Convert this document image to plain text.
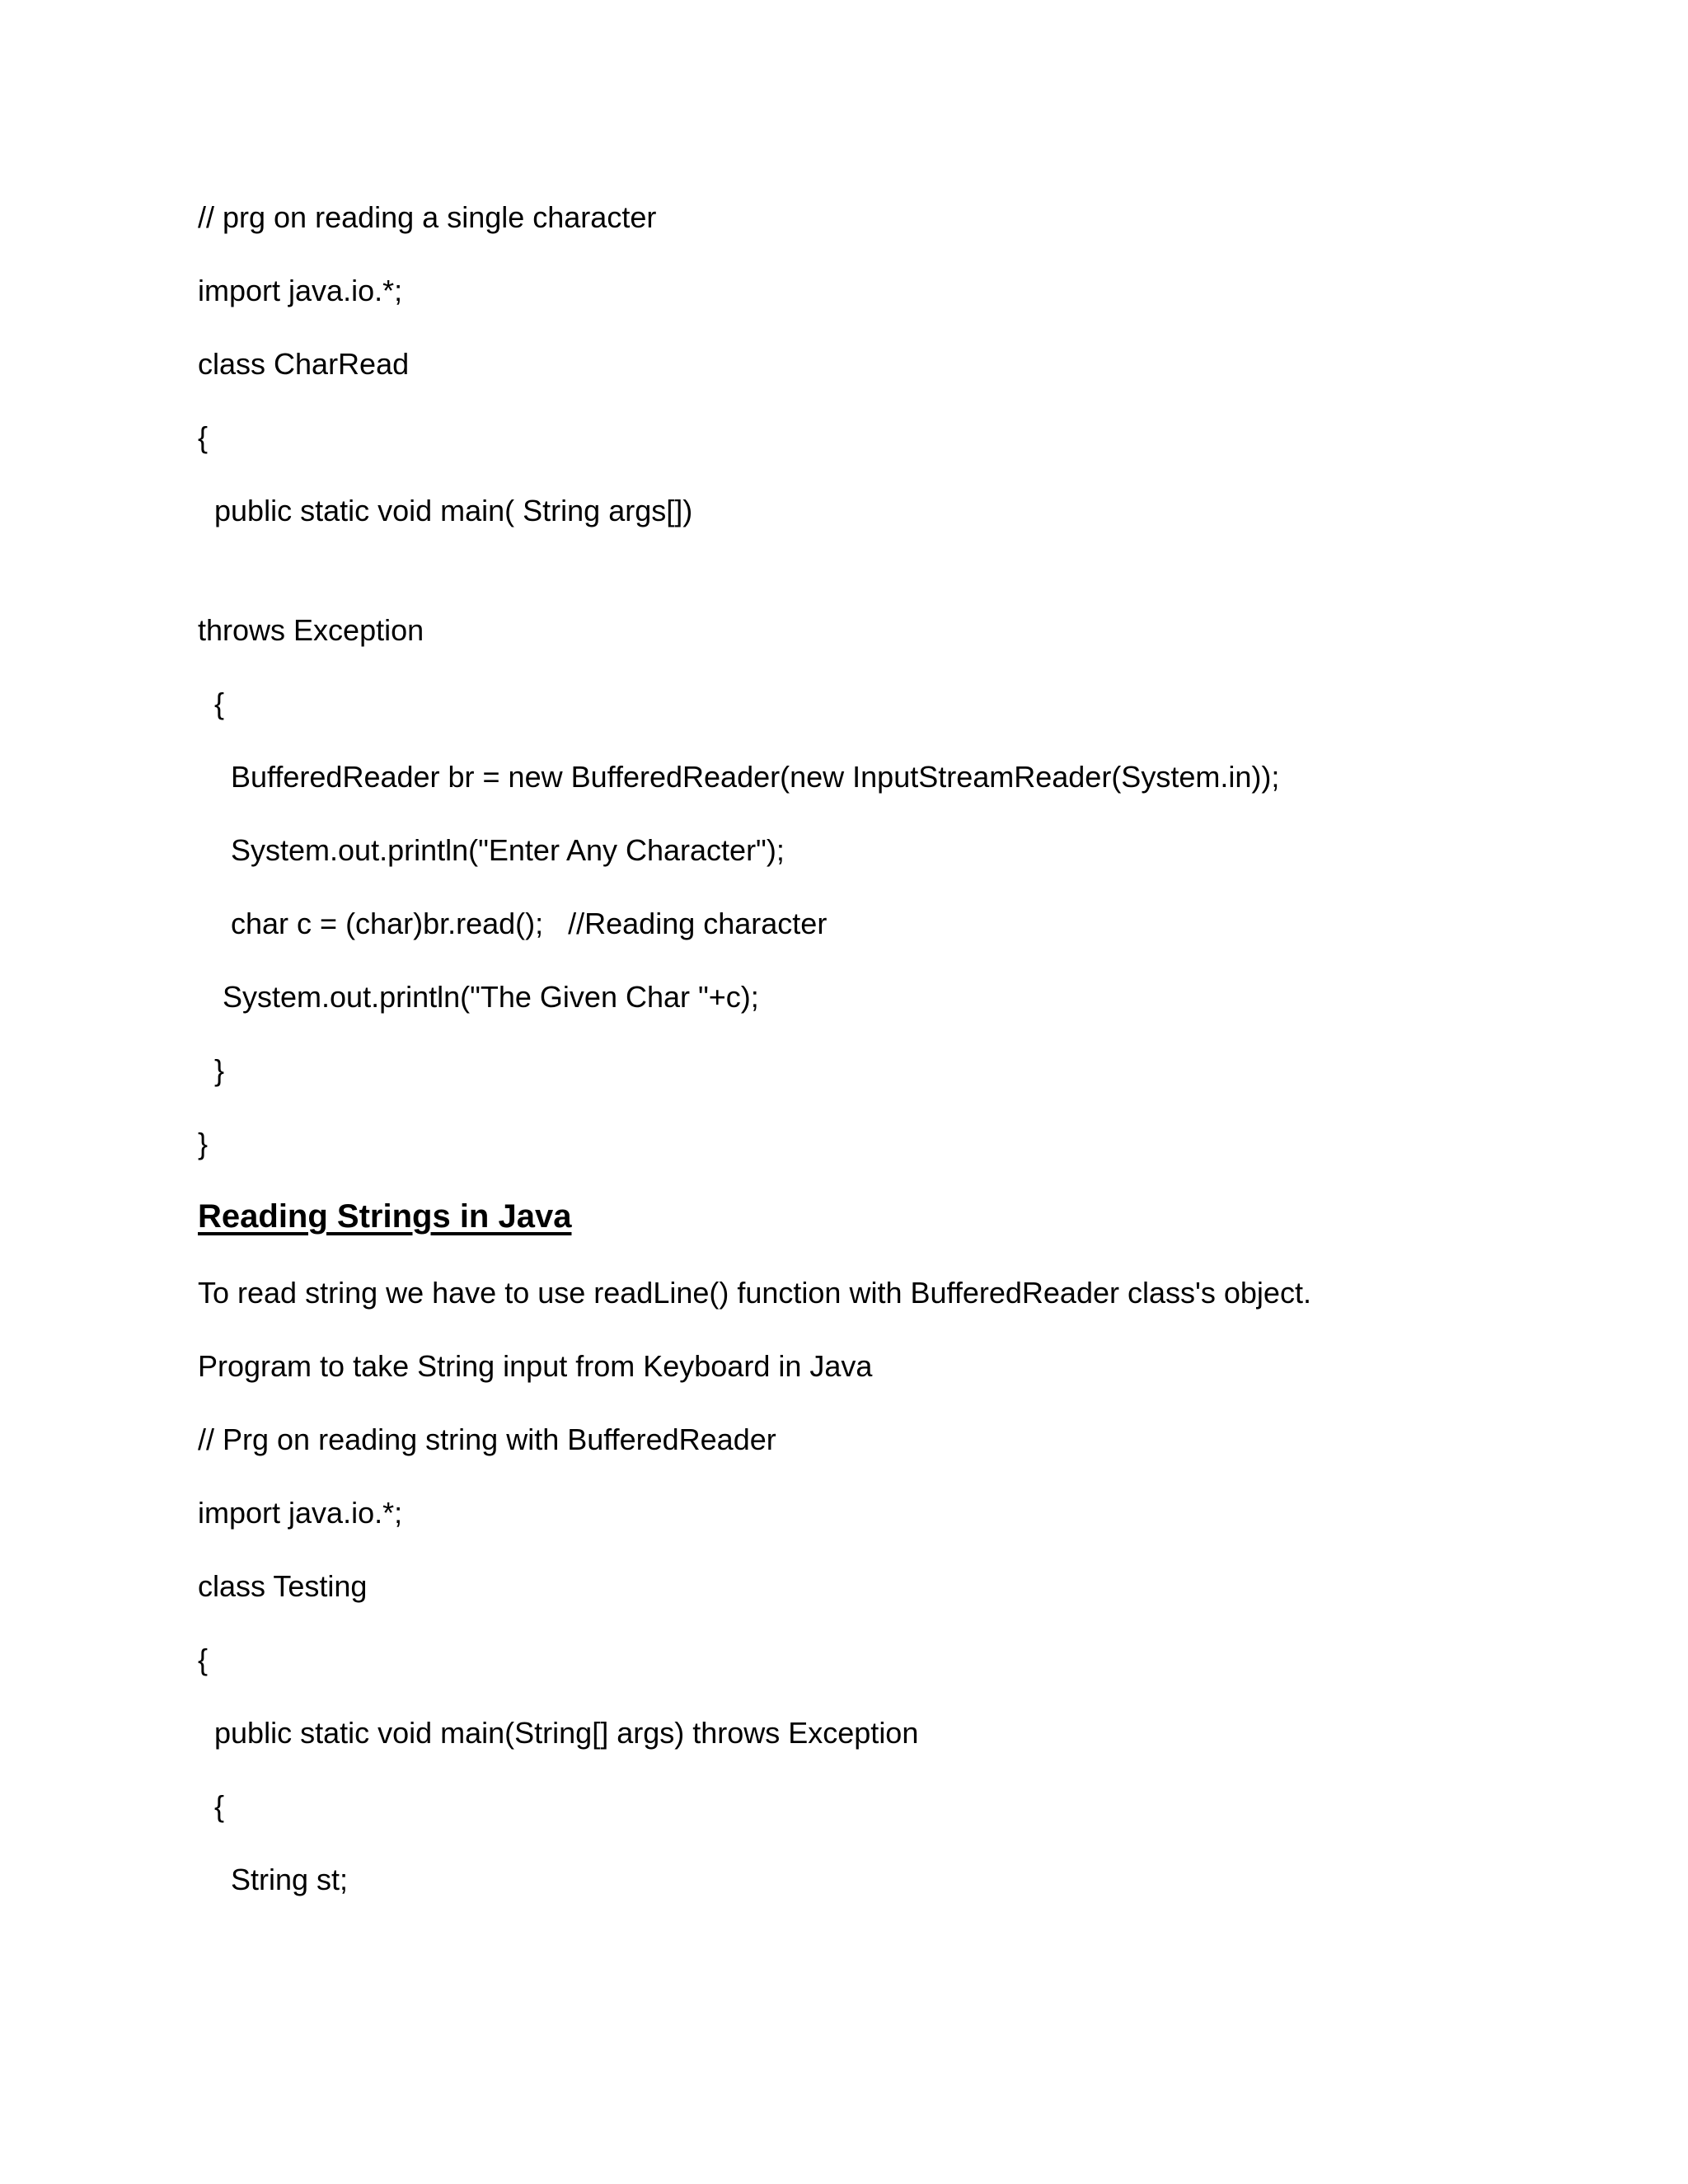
// prg on reading a single character
import java.io.*;
class CharRead
{
public static void main( String args[])
throws Exception
{
BufferedReader br = new BufferedReader(new InputStreamReader(System.in));
System.out.println("Enter Any Character");
char c = (char)br.read();   //Reading character
System.out.println("The Given Char "+c);
}
}
Reading Strings in Java
To read string we have to use readLine() function with BufferedReader class's object.
Program to take String input from Keyboard in Java
// Prg on reading string with BufferedReader
import java.io.*;
class Testing
{
public static void main(String[] args) throws Exception
{
String st;
